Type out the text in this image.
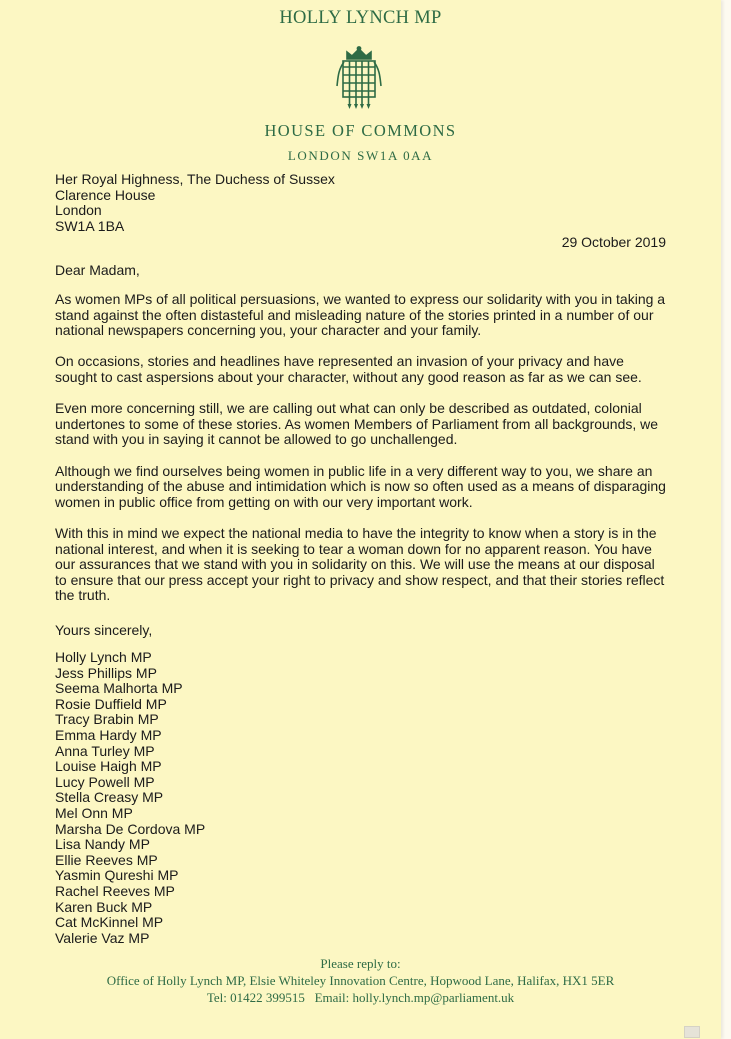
HOLLY LYNCH MP
HOUSE OF COMMONS
LONDON SW1A 0AA
Her Royal Highness, The Duchess of Sussex
Clarence House
London
SW1A 1BA
29 October 2019
Dear Madam,

As women MPs of all political persuasions, we wanted to express our solidarity with you in taking a stand against the often distasteful and misleading nature of the stories printed in a number of our national newspapers concerning you, your character and your family.

On occasions, stories and headlines have represented an invasion of your privacy and have sought to cast aspersions about your character, without any good reason as far as we can see.

Even more concerning still, we are calling out what can only be described as outdated, colonial undertones to some of these stories. As women Members of Parliament from all backgrounds, we stand with you in saying it cannot be allowed to go unchallenged.

Although we find ourselves being women in public life in a very different way to you, we share an understanding of the abuse and intimidation which is now so often used as a means of disparaging women in public office from getting on with our very important work.

With this in mind we expect the national media to have the integrity to know when a story is in the national interest, and when it is seeking to tear a woman down for no apparent reason. You have our assurances that we stand with you in solidarity on this. We will use the means at our disposal to ensure that our press accept your right to privacy and show respect, and that their stories reflect the truth.

Yours sincerely,
Holly Lynch MP
Jess Phillips MP
Seema Malhorta MP
Rosie Duffield MP
Tracy Brabin MP
Emma Hardy MP
Anna Turley MP
Louise Haigh MP
Lucy Powell MP
Stella Creasy MP
Mel Onn MP
Marsha De Cordova MP
Lisa Nandy MP
Ellie Reeves MP
Yasmin Qureshi MP
Rachel Reeves MP
Karen Buck MP
Cat McKinnel MP
Valerie Vaz MP
Please reply to:
Office of Holly Lynch MP, Elsie Whiteley Innovation Centre, Hopwood Lane, Halifax, HX1 5ER
Tel: 01422 399515   Email: holly.lynch.mp@parliament.uk
